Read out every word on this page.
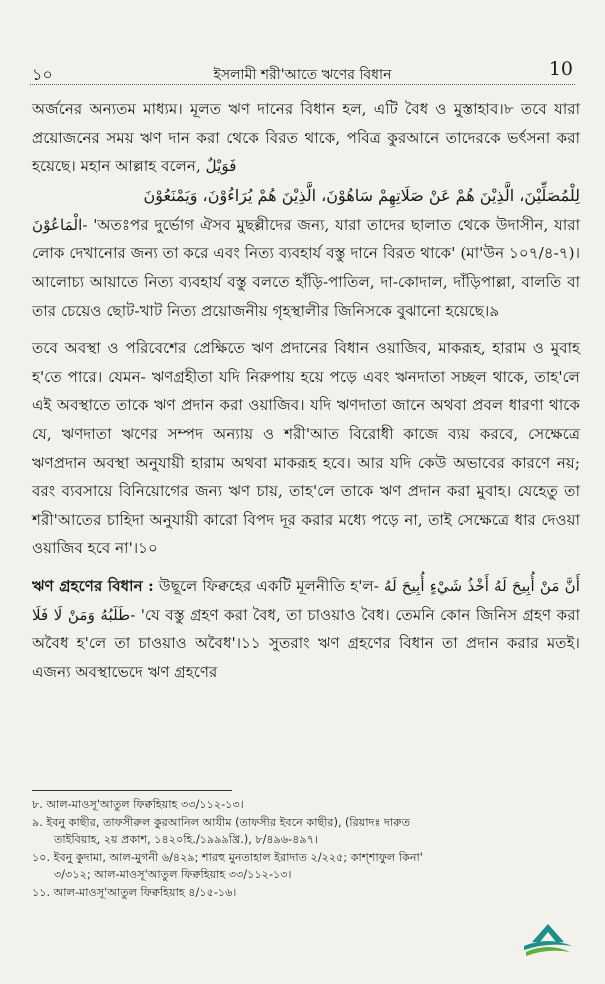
১০	ইসলামী শরী'আতে ঋণের বিধান	10

অর্জনের অন্যতম মাধ্যম। মূলত ঋণ দানের বিধান হল, এটি বৈধ ও মুস্তাহাব।৮ তবে যারা প্রয়োজনের সময় ঋণ দান করা থেকে বিরত থাকে, পবিত্র কুরআনে তাদেরকে ভর্ৎসনা করা হয়েছে। মহান আল্লাহ বলেন, فَوَيْلٌ
لِلْمُصَلِّيْنَ، الَّذِيْنَ هُمْ عَنْ صَلَاتِهِمْ سَاهُوْنَ، الَّذِيْنَ هُمْ يُرَاءُوْنَ، وَيَمْنَعُوْنَ
الْمَاعُوْنَ- 'অতঃপর দুর্ভোগ ঐসব মুছল্লীদের জন্য, যারা তাদের ছালাত থেকে উদাসীন, যারা লোক দেখানোর জন্য তা করে এবং নিত্য ব্যবহার্য বস্তু দানে বিরত থাকে' (মা'উন ১০৭/৪-৭)। আলোচ্য আয়াতে নিত্য ব্যবহার্য বস্তু বলতে হাঁড়ি-পাতিল, দা-কোদাল, দাঁড়িপাল্লা, বালতি বা তার চেয়েও ছোট-খাট নিত্য প্রয়োজনীয় গৃহস্থালীর জিনিসকে বুঝানো হয়েছে।৯

তবে অবস্থা ও পরিবেশের প্রেক্ষিতে ঋণ প্রদানের বিধান ওয়াজিব, মাকরূহ, হারাম ও মুবাহ হ'তে পারে। যেমন- ঋণগ্রহীতা যদি নিরুপায় হয়ে পড়ে এবং ঋনদাতা সচ্ছল থাকে, তাহ'লে এই অবস্থাতে তাকে ঋণ প্রদান করা ওয়াজিব। যদি ঋণদাতা জানে অথবা প্রবল ধারণা থাকে যে, ঋণদাতা ঋণের সম্পদ অন্যায় ও শরী'আত বিরোধী কাজে ব্যয় করবে, সেক্ষেত্রে ঋণপ্রদান অবস্থা অনুযায়ী হারাম অথবা মাকরূহ হবে। আর যদি কেউ অভাবের কারণে নয়; বরং ব্যবসায়ে বিনিয়োগের জন্য ঋণ চায়, তাহ'লে তাকে ঋণ প্রদান করা মুবাহ। যেহেতু তা শরী'আতের চাহিদা অনুযায়ী কারো বিপদ দূর করার মধ্যে পড়ে না, তাই সেক্ষেত্রে ধার দেওয়া ওয়াজিব হবে না'।১০

ঋণ গ্রহণের বিধান : উছূলে ফিক্বহের একটি মূলনীতি হ'ল- أَنَّ مَنْ أُبِيحَ لَهُ أَخْذُ شَيْءٍ أُبِيحَ لَهُ طَلَبُهُ وَمَنْ لَا فَلَا- 'যে বস্তু গ্রহণ করা বৈধ, তা চাওয়াও বৈধ। তেমনি কোন জিনিস গ্রহণ করা অবৈধ হ'লে তা চাওয়াও অবৈধ'।১১ সুতরাং ঋণ গ্রহণের বিধান তা প্রদান করার মতই। এজন্য অবস্থাভেদে ঋণ গ্রহণের

৮. আল-মাওসূ'আতুল ফিক্বহিয়াহ ৩৩/১১২-১৩।
৯. ইবনু কাছীর, তাফসীরুল কুরআনিল আযীম (তাফসীর ইবনে কাছীর), (রিয়াদঃ দারুত
তাইবিয়াহ, ২য় প্রকাশ, ১৪২০হি./১৯৯৯খ্রি.), ৮/৪৯৬-৪৯৭।
১০. ইবনু কুদামা, আল-মুগনী ৬/৪২৯; শারহু মুনতাহাল ইরাদাত ২/২২৫; কাশ্শাফুল কিনা'
৩/৩১২; আল-মাওসূ'আতুল ফিক্বহিয়াহ ৩৩/১১২-১৩।
১১. আল-মাওসূ'আতুল ফিক্বহিয়াহ ৪/১৫-১৬।
